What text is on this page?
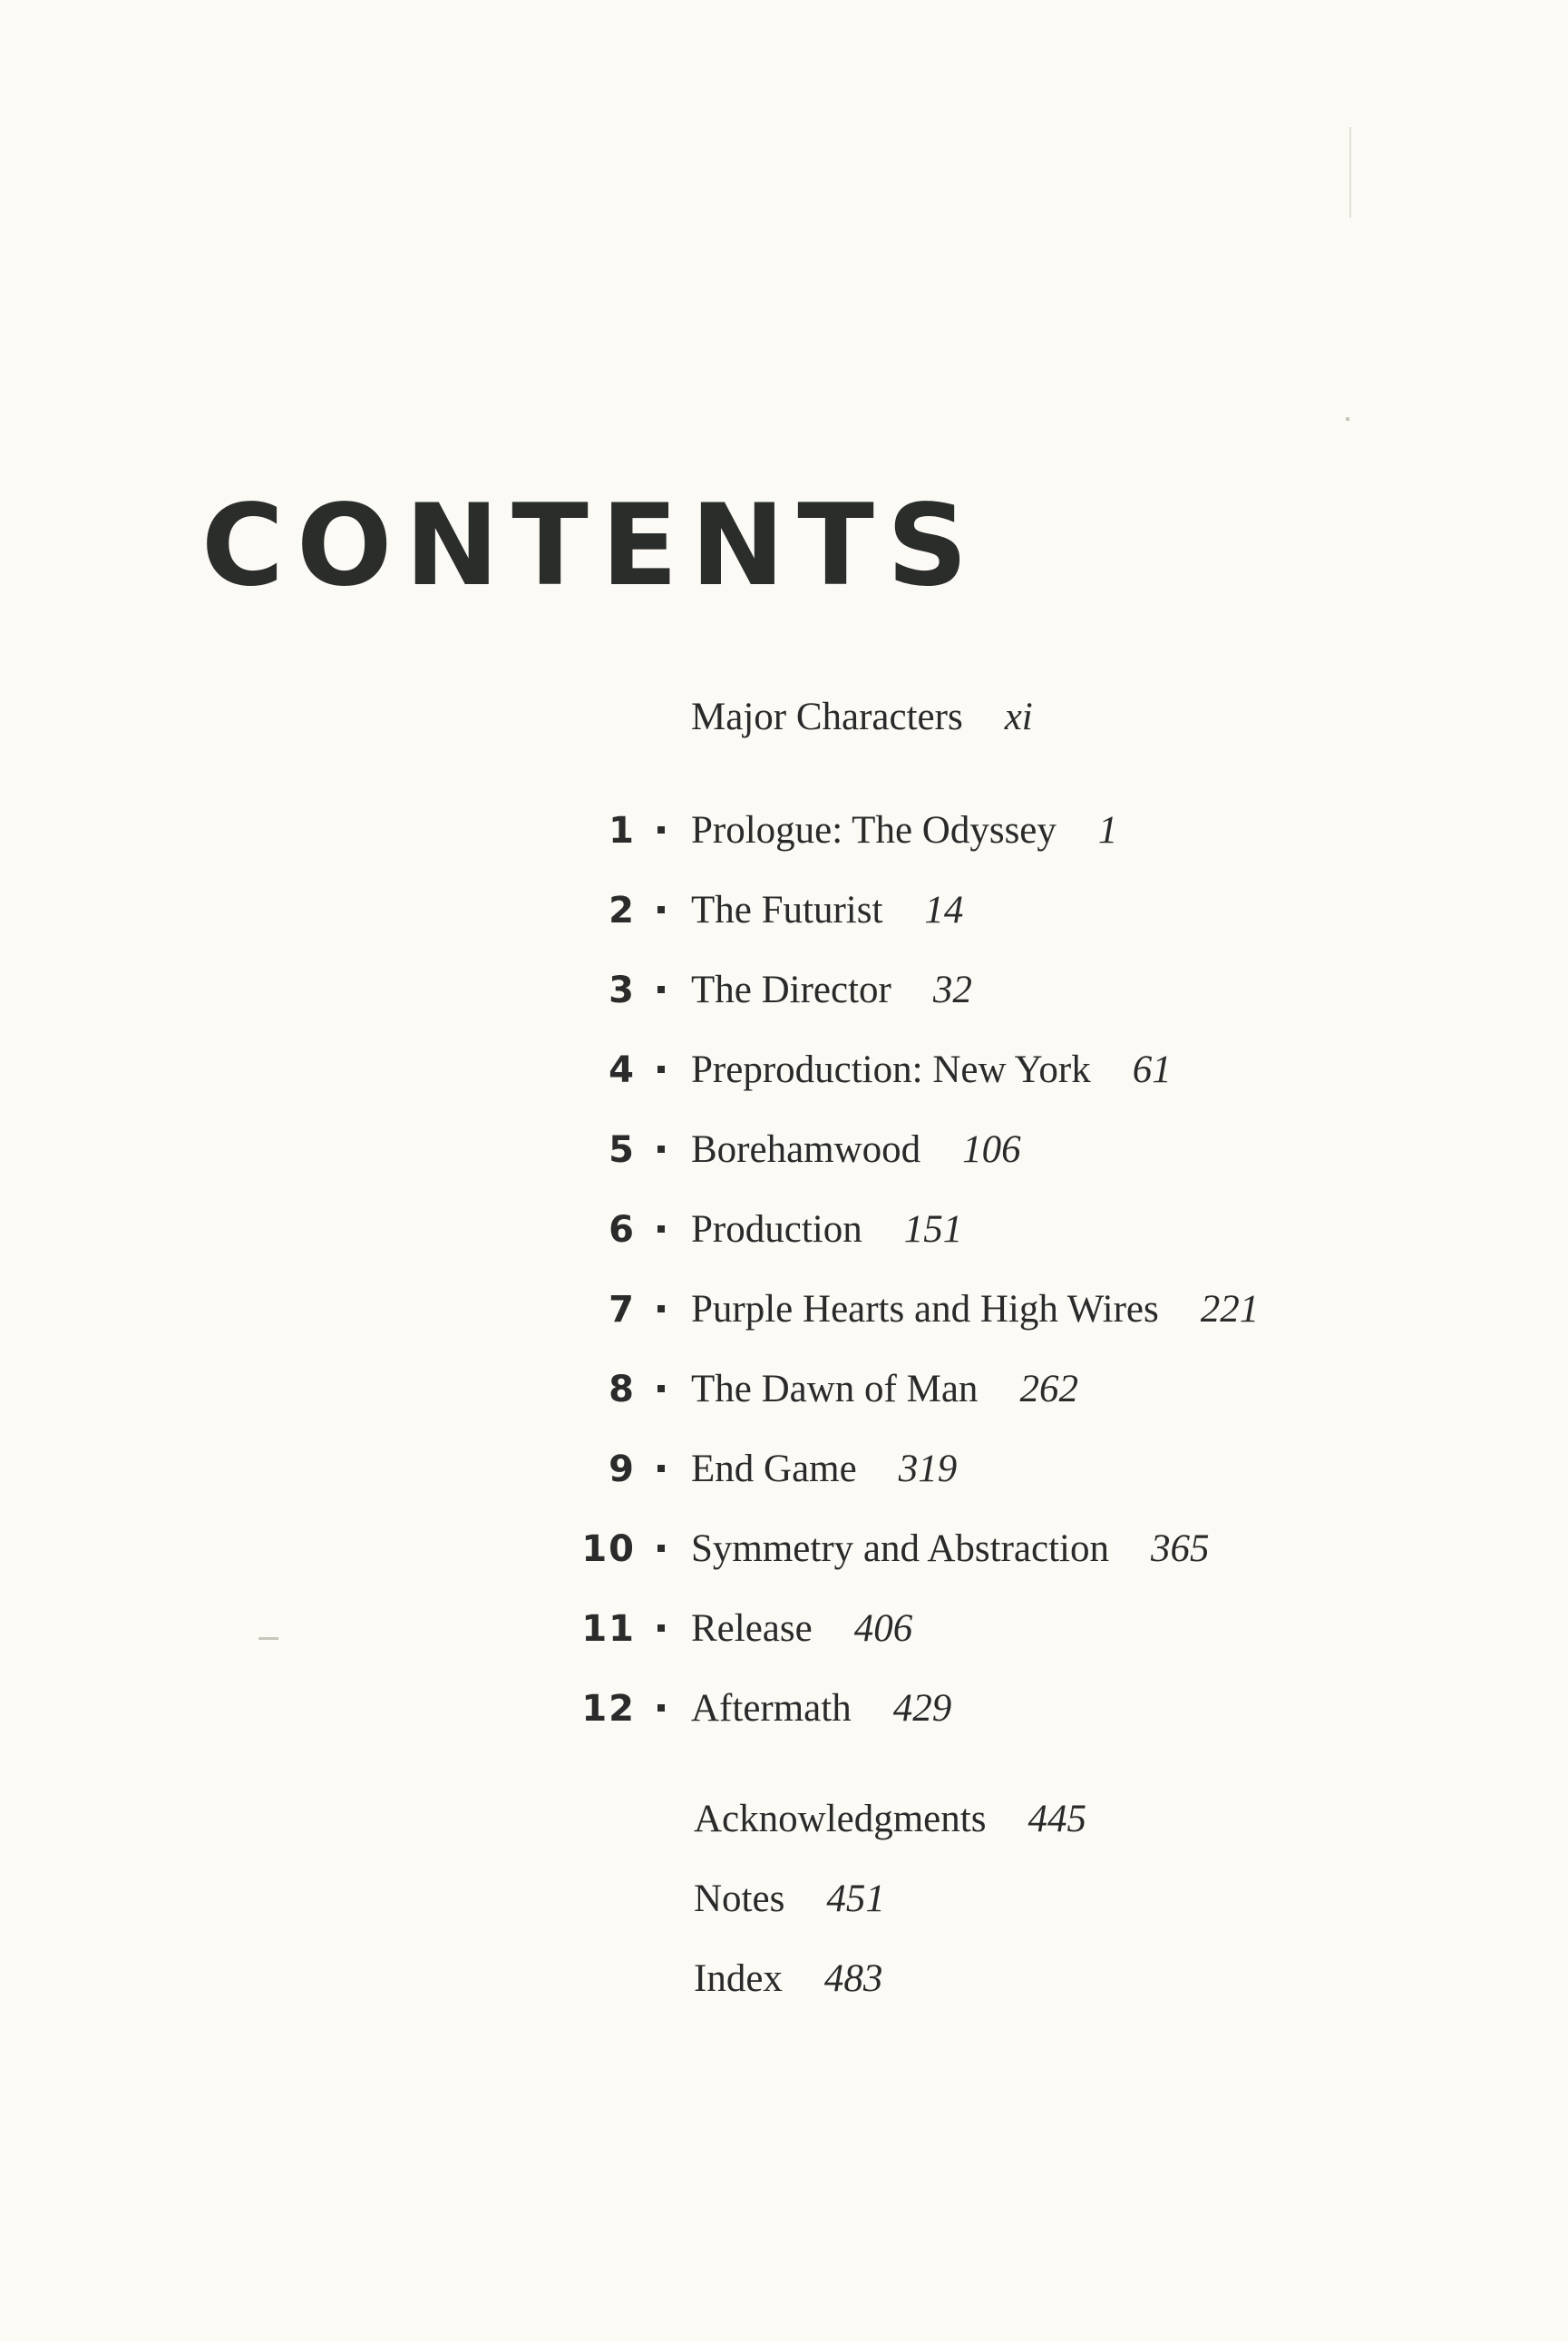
CONTENTS
Major Characters xi
1 Prologue: The Odyssey 1
2 The Futurist 14
3 The Director 32
4 Preproduction: New York 61
5 Borehamwood 106
6 Production 151
7 Purple Hearts and High Wires 221
8 The Dawn of Man 262
9 End Game 319
10 Symmetry and Abstraction 365
11 Release 406
12 Aftermath 429
Acknowledgments 445
Notes 451
Index 483
